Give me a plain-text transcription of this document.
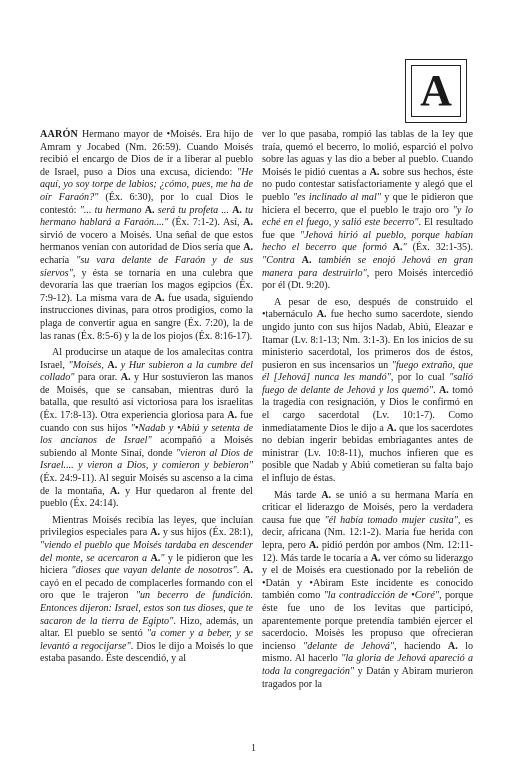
A

AARÓN Hermano mayor de •Moisés. Era hijo de Amram y Jocabed (Nm. 26:59). Cuando Moisés recibió el encargo de Dios de ir a liberar al pueblo de Israel, puso a Dios una excusa, diciendo: "He aquí, yo soy torpe de labios; ¿cómo, pues, me ha de oír Faraón?" (Éx. 6:30), por lo cual Dios le contestó: "... tu hermano A. será tu profeta ... A. tu hermano hablará a Faraón...." (Éx. 7:1-2). Así, A. sirvió de vocero a Moisés. Una señal de que estos hermanos venían con autoridad de Dios sería que A. echaría "su vara delante de Faraón y de sus siervos", y ésta se tornaría en una culebra que devoraría las que traerían los magos egipcios (Éx. 7:9-12). La misma vara de A. fue usada, siguiendo instrucciones divinas, para otros prodigios, como la plaga de convertir agua en sangre (Éx. 7:20), la de las ranas (Éx. 8:5-6) y la de los piojos (Éx. 8:16-17).

Al producirse un ataque de los amalecitas contra Israel, "Moisés, A. y Hur subieron a la cumbre del collado" para orar. A. y Hur sostuvieron las manos de Moisés, que se cansaban, mientras duró la batalla, que resultó así victoriosa para los israelitas (Éx. 17:8-13). Otra experiencia gloriosa para A. fue cuando con sus hijos "•Nadab y •Abiú y setenta de los ancianos de Israel" acompañó a Moisés subiendo al Monte Sinaí, donde "vieron al Dios de Israel.... y vieron a Dios, y comieron y bebieron" (Éx. 24:9-11). Al seguir Moisés su ascenso a la cima de la montaña, A. y Hur quedaron al frente del pueblo (Éx. 24:14).

Mientras Moisés recibía las leyes, que incluían privilegios especiales para A. y sus hijos (Éx. 28:1), "viendo el pueblo que Moisés tardaba en descender del monte, se acercaron a A." y le pidieron que les hiciera "dioses que vayan delante de nosotros". A. cayó en el pecado de complacerles formando con el oro que le trajeron "un becerro de fundición. Entonces dijeron: Israel, estos son tus dioses, que te sacaron de la tierra de Egipto". Hizo, además, un altar. El pueblo se sentó "a comer y a beber, y se levantó a regocijarse". Dios le dijo a Moisés lo que estaba pasando. Éste descendió, y al

ver lo que pasaba, rompió las tablas de la ley que traía, quemó el becerro, lo molió, esparció el polvo sobre las aguas y las dio a beber al pueblo. Cuando Moisés le pidió cuentas a A. sobre sus hechos, éste no pudo contestar satisfactoriamente y alegó que el pueblo "es inclinado al mal" y que le pidieron que hiciera el becerro, que el pueblo le trajo oro "y lo eché en el fuego, y salió este becerro". El resultado fue que "Jehová hirió al pueblo, porque habían hecho el becerro que formó A." (Éx. 32:1-35). "Contra A. también se enojó Jehová en gran manera para destruirlo", pero Moisés intercedió por él (Dt. 9:20).

A pesar de eso, después de construido el •tabernáculo A. fue hecho sumo sacerdote, siendo ungido junto con sus hijos Nadab, Abiú, Eleazar e Itamar (Lv. 8:1-13; Nm. 3:1-3). En los inicios de su ministerio sacerdotal, los primeros dos de éstos, pusieron en sus incensarios un "fuego extraño, que él [Jehová] nunca les mandó", por lo cual "salió fuego de delante de Jehová y los quemó". A. tomó la tragedia con resignación, y Dios le confirmó en el cargo sacerdotal (Lv. 10:1-7). Como inmediatamente Dios le dijo a A. que los sacerdotes no debían ingerir bebidas embriagantes antes de ministrar (Lv. 10:8-11), muchos infieren que es posible que Nadab y Abiú cometieran su falta bajo el influjo de éstas.

Más tarde A. se unió a su hermana María en criticar el liderazgo de Moisés, pero la verdadera causa fue que "él había tomado mujer cusita", es decir, africana (Nm. 12:1-2). María fue herida con lepra, pero A. pidió perdón por ambos (Nm. 12:11-12). Más tarde le tocaría a A. ver cómo su liderazgo y el de Moisés era cuestionado por la rebelión de •Datán y •Abiram Este incidente es conocido también como "la contradicción de •Coré", porque éste fue uno de los levitas que participó, aparentemente porque pretendía también ejercer el sacerdocio. Moisés les propuso que ofrecieran incienso "delante de Jehová", haciendo A. lo mismo. Al hacerlo "la gloria de Jehová apareció a toda la congregación" y Datán y Abiram murieron tragados por la

1
